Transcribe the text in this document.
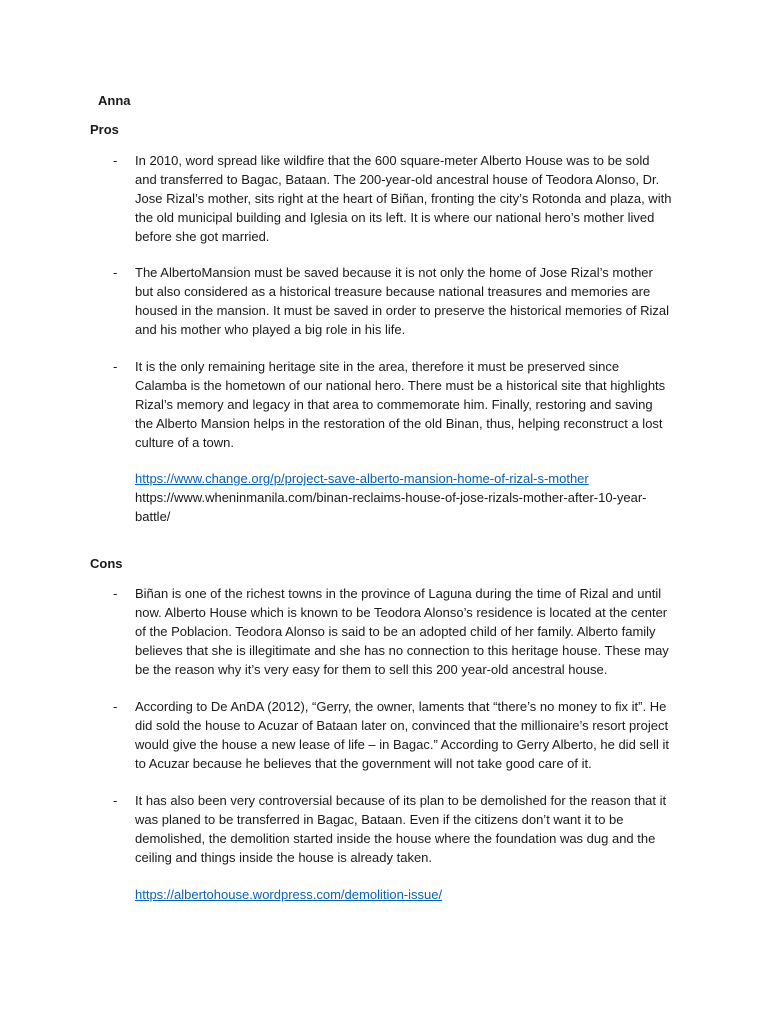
Anna
Pros
- In 2010, word spread like wildfire that the 600 square-meter Alberto House was to be sold and transferred to Bagac, Bataan. The 200-year-old ancestral house of Teodora Alonso, Dr. Jose Rizal’s mother, sits right at the heart of Biñan, fronting the city’s Rotonda and plaza, with the old municipal building and Iglesia on its left. It is where our national hero’s mother lived before she got married.

- The AlbertoMansion must be saved because it is not only the home of Jose Rizal’s mother but also considered as a historical treasure because national treasures and memories are housed in the mansion. It must be saved in order to preserve the historical memories of Rizal and his mother who played a big role in his life.

- It is the only remaining heritage site in the area, therefore it must be preserved since Calamba is the hometown of our national hero. There must be a historical site that highlights Rizal’s memory and legacy in that area to commemorate him. Finally, restoring and saving the Alberto Mansion helps in the restoration of the old Binan, thus, helping reconstruct a lost culture of a town.

https://www.change.org/p/project-save-alberto-mansion-home-of-rizal-s-mother
https://www.wheninmanila.com/binan-reclaims-house-of-jose-rizals-mother-after-10-year-battle/
Cons
- Biñan is one of the richest towns in the province of Laguna during the time of Rizal and until now. Alberto House which is known to be Teodora Alonso’s residence is located at the center of the Poblacion. Teodora Alonso is said to be an adopted child of her family. Alberto family believes that she is illegitimate and she has no connection to this heritage house. These may be the reason why it’s very easy for them to sell this 200 year-old ancestral house.

- According to De AnDA (2012), “Gerry, the owner, laments that “there’s no money to fix it”. He did sold the house to Acuzar of Bataan later on, convinced that the millionaire’s resort project would give the house a new lease of life – in Bagac.” According to Gerry Alberto, he did sell it to Acuzar because he believes that the government will not take good care of it.

- It has also been very controversial because of its plan to be demolished for the reason that it was planed to be transferred in Bagac, Bataan. Even if the citizens don’t want it to be demolished, the demolition started inside the house where the foundation was dug and the ceiling and things inside the house is already taken.

https://albertohouse.wordpress.com/demolition-issue/
